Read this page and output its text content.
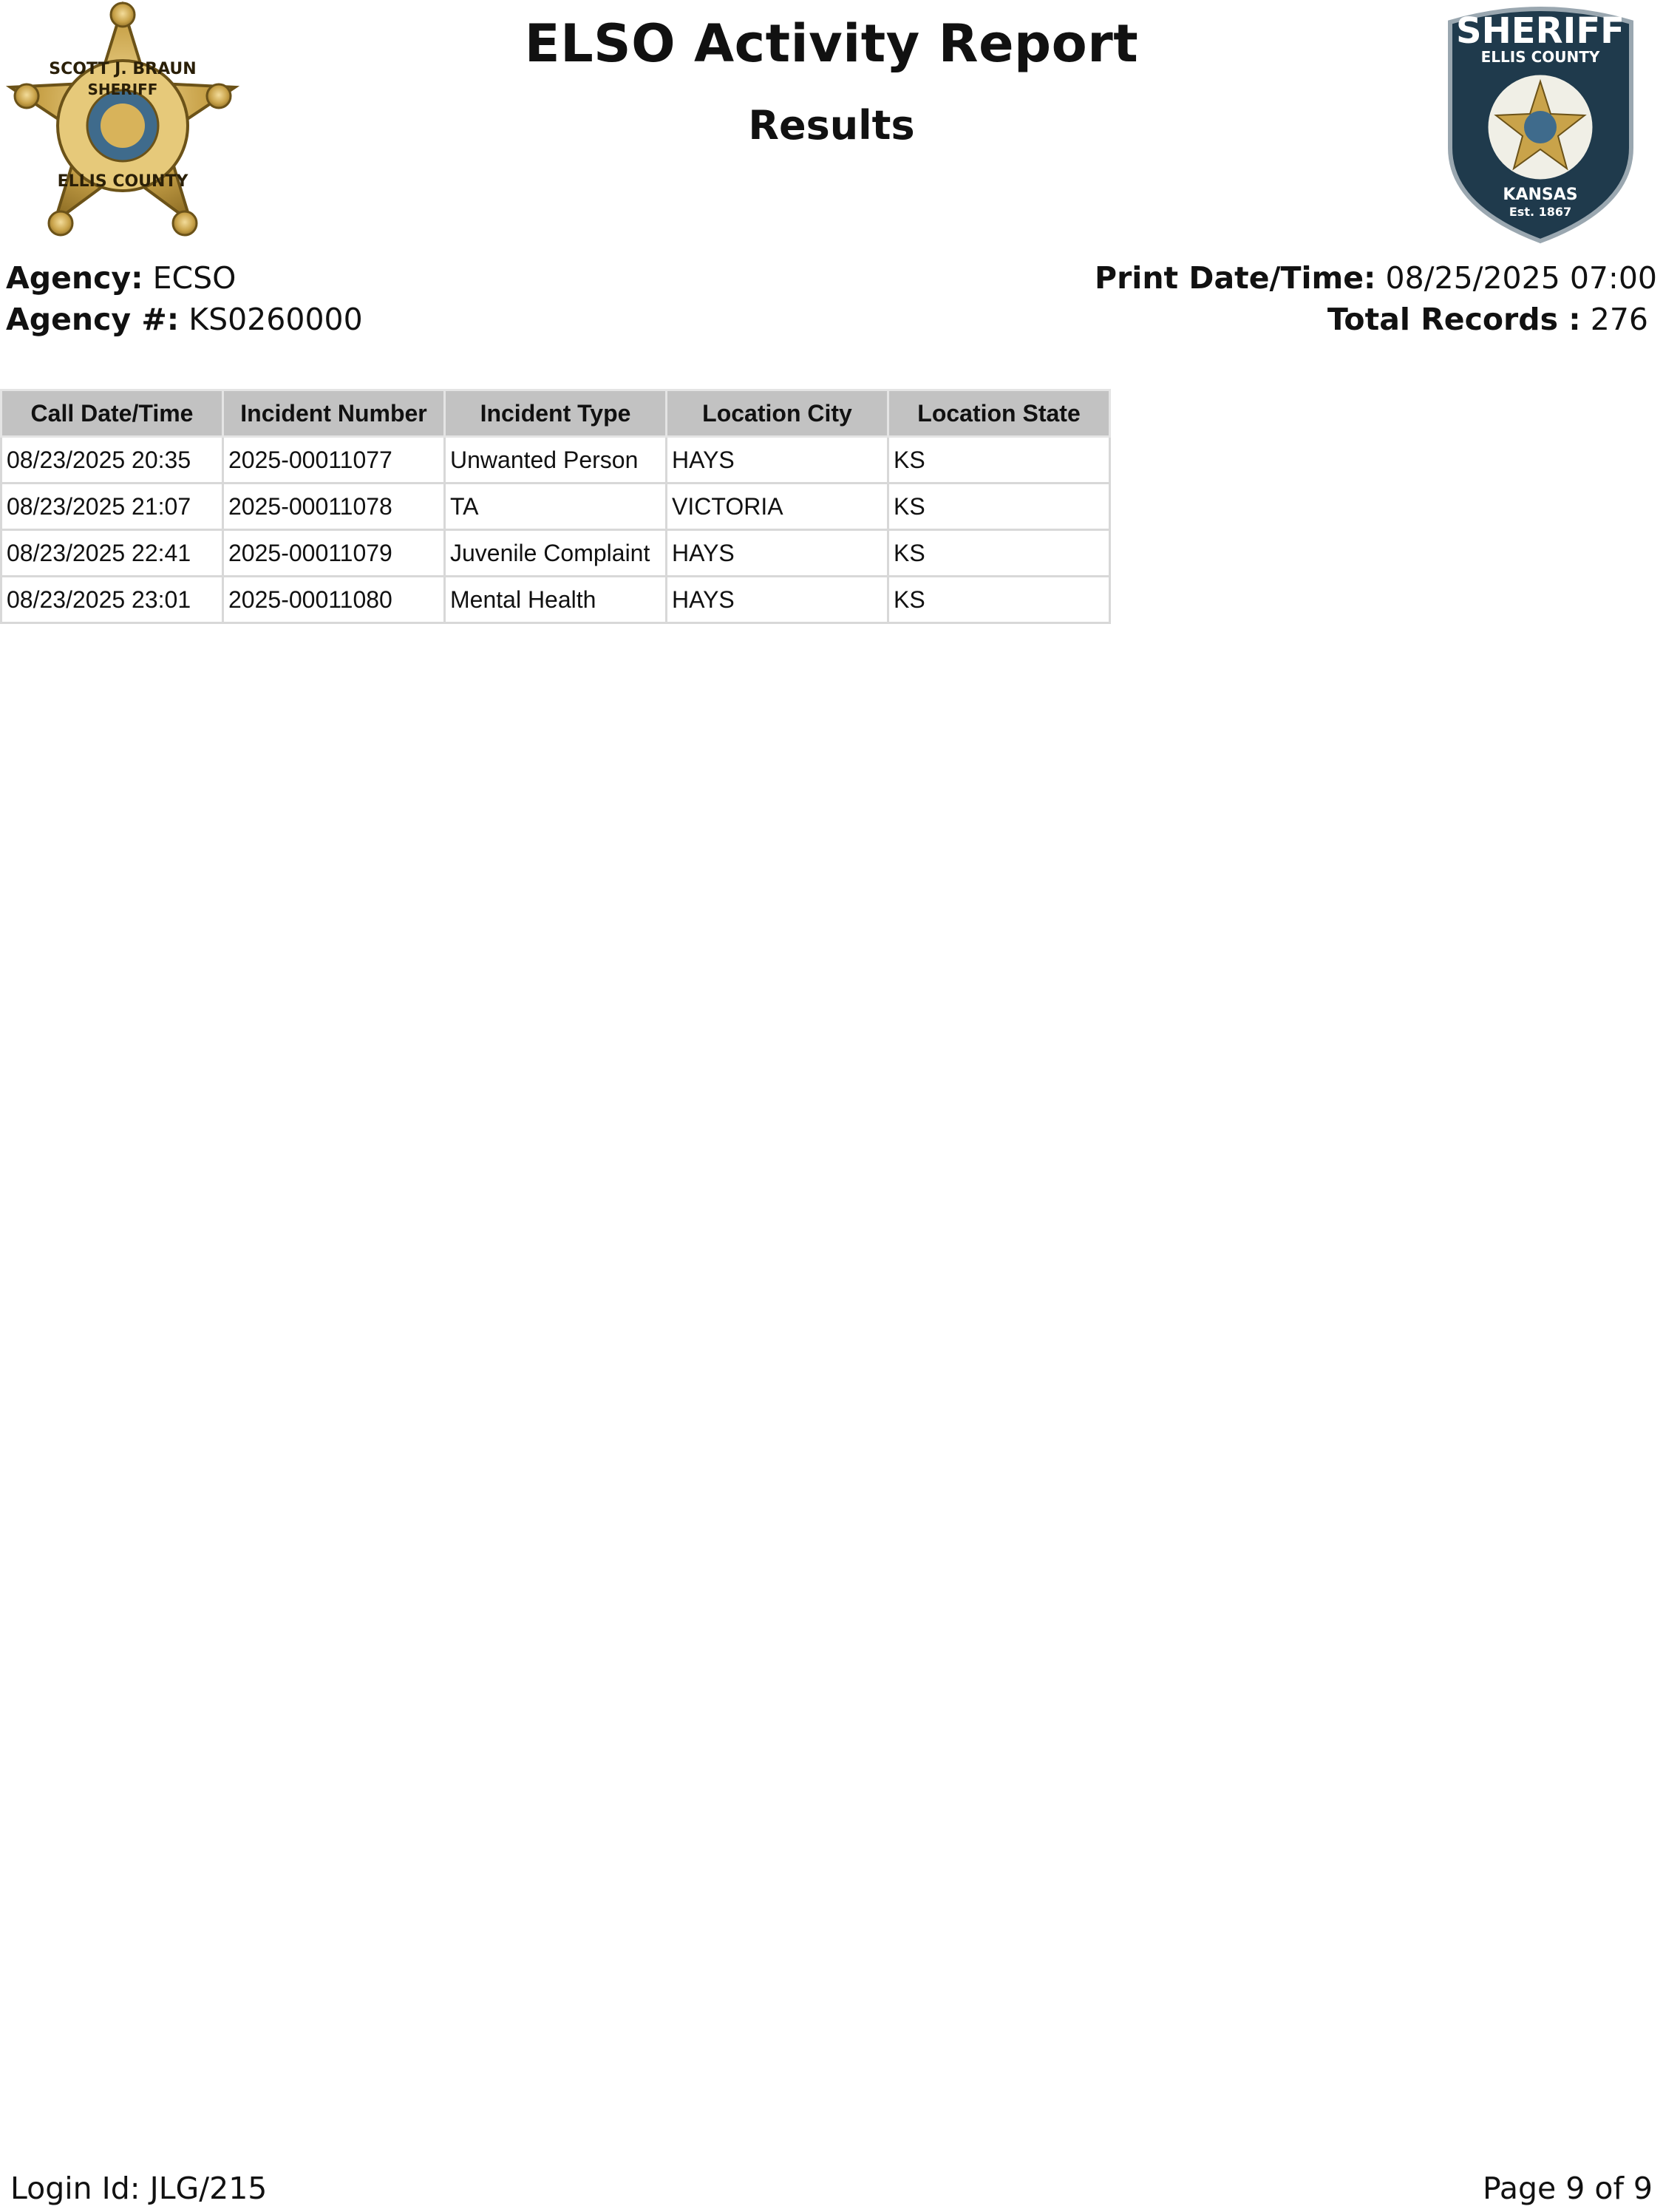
SCOTT J. BRAUN
SHERIFF
ELLIS COUNTY
SHERIFF
ELLIS COUNTY
KANSAS
Est. 1867
ELSO Activity Report
Results
Agency: ECSO
Agency #: KS0260000
Print Date/Time: 08/25/2025 07:00
Total Records : 276
Call Date/Time	Incident Number	Incident Type	Location City	Location State
08/23/2025 20:35	2025-00011077	Unwanted Person	HAYS	KS
08/23/2025 21:07	2025-00011078	TA	VICTORIA	KS
08/23/2025 22:41	2025-00011079	Juvenile Complaint	HAYS	KS
08/23/2025 23:01	2025-00011080	Mental Health	HAYS	KS
Login Id: JLG/215	Page 9 of 9
